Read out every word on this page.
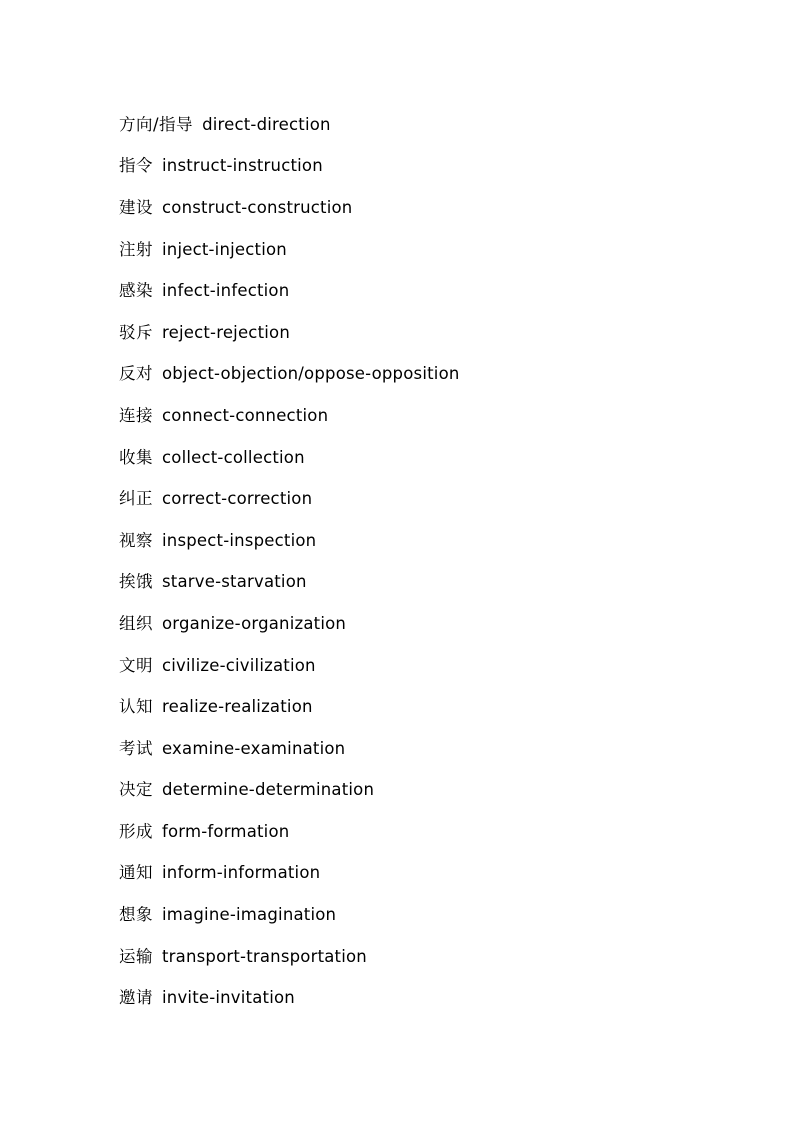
方向/指导 direct-direction
指令 instruct-instruction
建设 construct-construction
注射 inject-injection
感染 infect-infection
驳斥 reject-rejection
反对 object-objection/oppose-opposition
连接 connect-connection
收集 collect-collection
纠正 correct-correction
视察 inspect-inspection
挨饿 starve-starvation
组织 organize-organization
文明 civilize-civilization
认知 realize-realization
考试 examine-examination
决定 determine-determination
形成 form-formation
通知 inform-information
想象 imagine-imagination
运输 transport-transportation
邀请 invite-invitation
